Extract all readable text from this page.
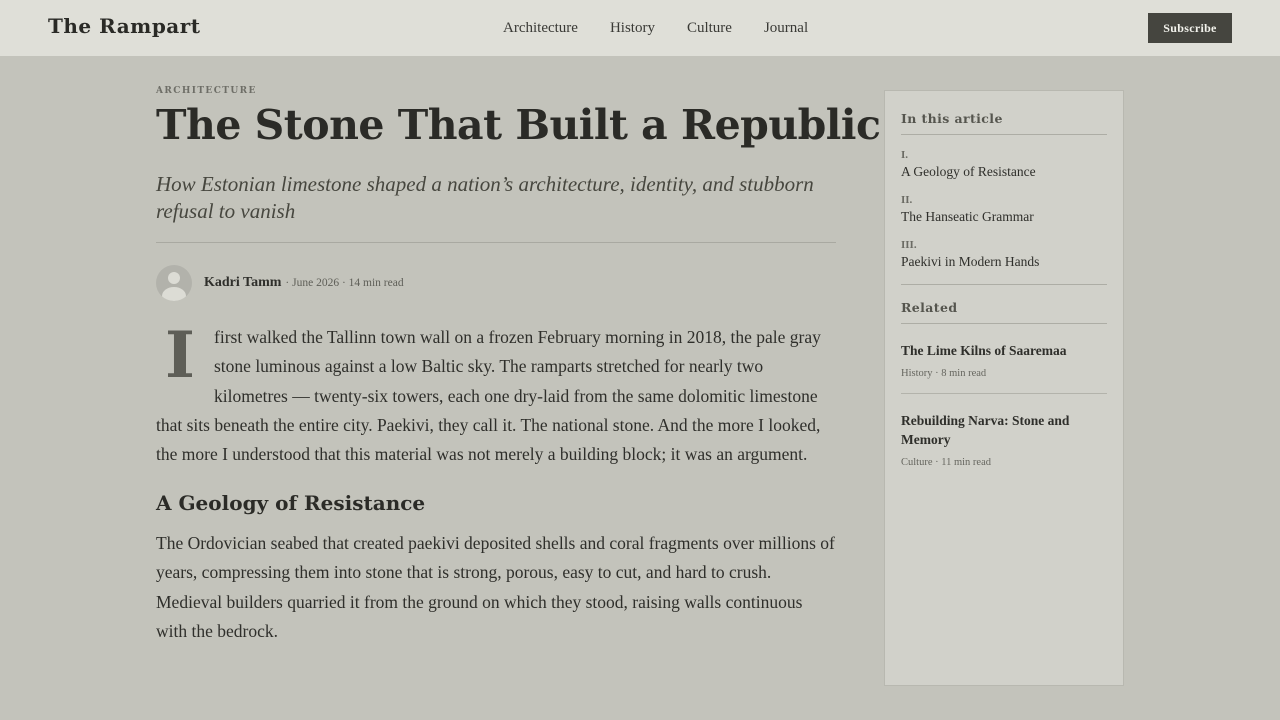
The Rampart	Architecture History Culture Journal	Subscribe
ARCHITECTURE
The Stone That Built a Republic

How Estonian limestone shaped a nation’s architecture, identity, and stubborn refusal to vanish

Kadri Tamm · June 2026 · 14 min read

I	first walked the Tallinn town wall on a frozen February morning in 2018, the pale gray stone luminous against a low Baltic sky. The ramparts stretched for nearly two kilometres — twenty-six towers, each one dry-laid from the same dolomitic limestone that sits beneath the entire city. Paekivi, they call it. The national stone. And the more I looked, the more I understood that this material was not merely a building block; it was an argument.

A Geology of Resistance

The Ordovician seabed that created paekivi deposited shells and coral fragments over millions of years, compressing them into stone that is strong, porous, easy to cut, and hard to crush. Medieval builders quarried it from the ground on which they stood, raising walls continuous with the bedrock.

In this article
I.
A Geology of Resistance
II.
The Hanseatic Grammar
III.
Paekivi in Modern Hands
Related
The Lime Kilns of Saaremaa
History · 8 min read
Rebuilding Narva: Stone and Memory
Culture · 11 min read
